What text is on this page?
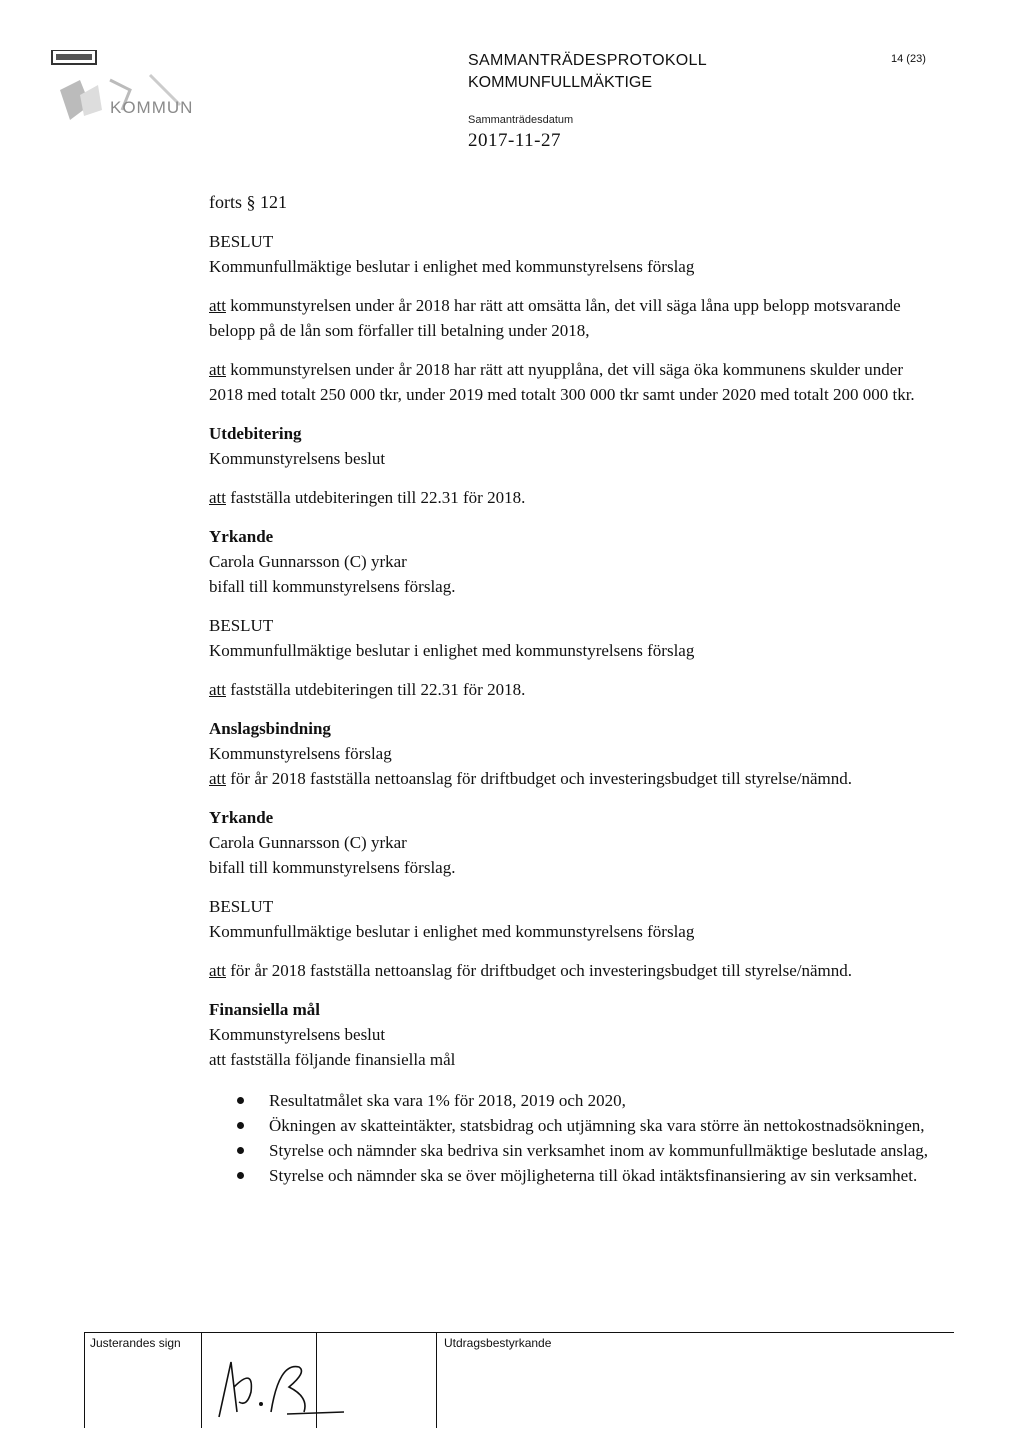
KOMMUN
SAMMANTRÄDESPROTOKOLL
KOMMUNFULLMÄKTIGE
Sammanträdesdatum
2017-11-27
14 (23)

forts § 121

BESLUT

Kommunfullmäktige beslutar i enlighet med kommunstyrelsens förslag

att kommunstyrelsen under år 2018 har rätt att omsätta lån, det vill säga låna upp belopp motsvarande belopp på de lån som förfaller till betalning under 2018,

att kommunstyrelsen under år 2018 har rätt att nyupplåna, det vill säga öka kommunens skulder under 2018 med totalt 250 000 tkr, under 2019 med totalt 300 000 tkr samt under 2020 med totalt 200 000 tkr.

Utdebitering

Kommunstyrelsens beslut

att fastställa utdebiteringen till 22.31 för 2018.

Yrkande

Carola Gunnarsson (C) yrkar

bifall till kommunstyrelsens förslag.

BESLUT

Kommunfullmäktige beslutar i enlighet med kommunstyrelsens förslag

att fastställa utdebiteringen till 22.31 för 2018.

Anslagsbindning

Kommunstyrelsens förslag

att för år 2018 fastställa nettoanslag för driftbudget och investeringsbudget till styrelse/nämnd.

Yrkande

Carola Gunnarsson (C) yrkar

bifall till kommunstyrelsens förslag.

BESLUT

Kommunfullmäktige beslutar i enlighet med kommunstyrelsens förslag

att för år 2018 fastställa nettoanslag för driftbudget och investeringsbudget till styrelse/nämnd.

Finansiella mål

Kommunstyrelsens beslut

att fastställa följande finansiella mål

Resultatmålet ska vara 1% för 2018, 2019 och 2020,
Ökningen av skatteintäkter, statsbidrag och utjämning ska vara större än nettokostnadsökningen,
Styrelse och nämnder ska bedriva sin verksamhet inom av kommunfullmäktige beslutade anslag,
Styrelse och nämnder ska se över möjligheterna till ökad intäktsfinansiering av sin verksamhet.
Justerandes sign	Utdragsbestyrkande
